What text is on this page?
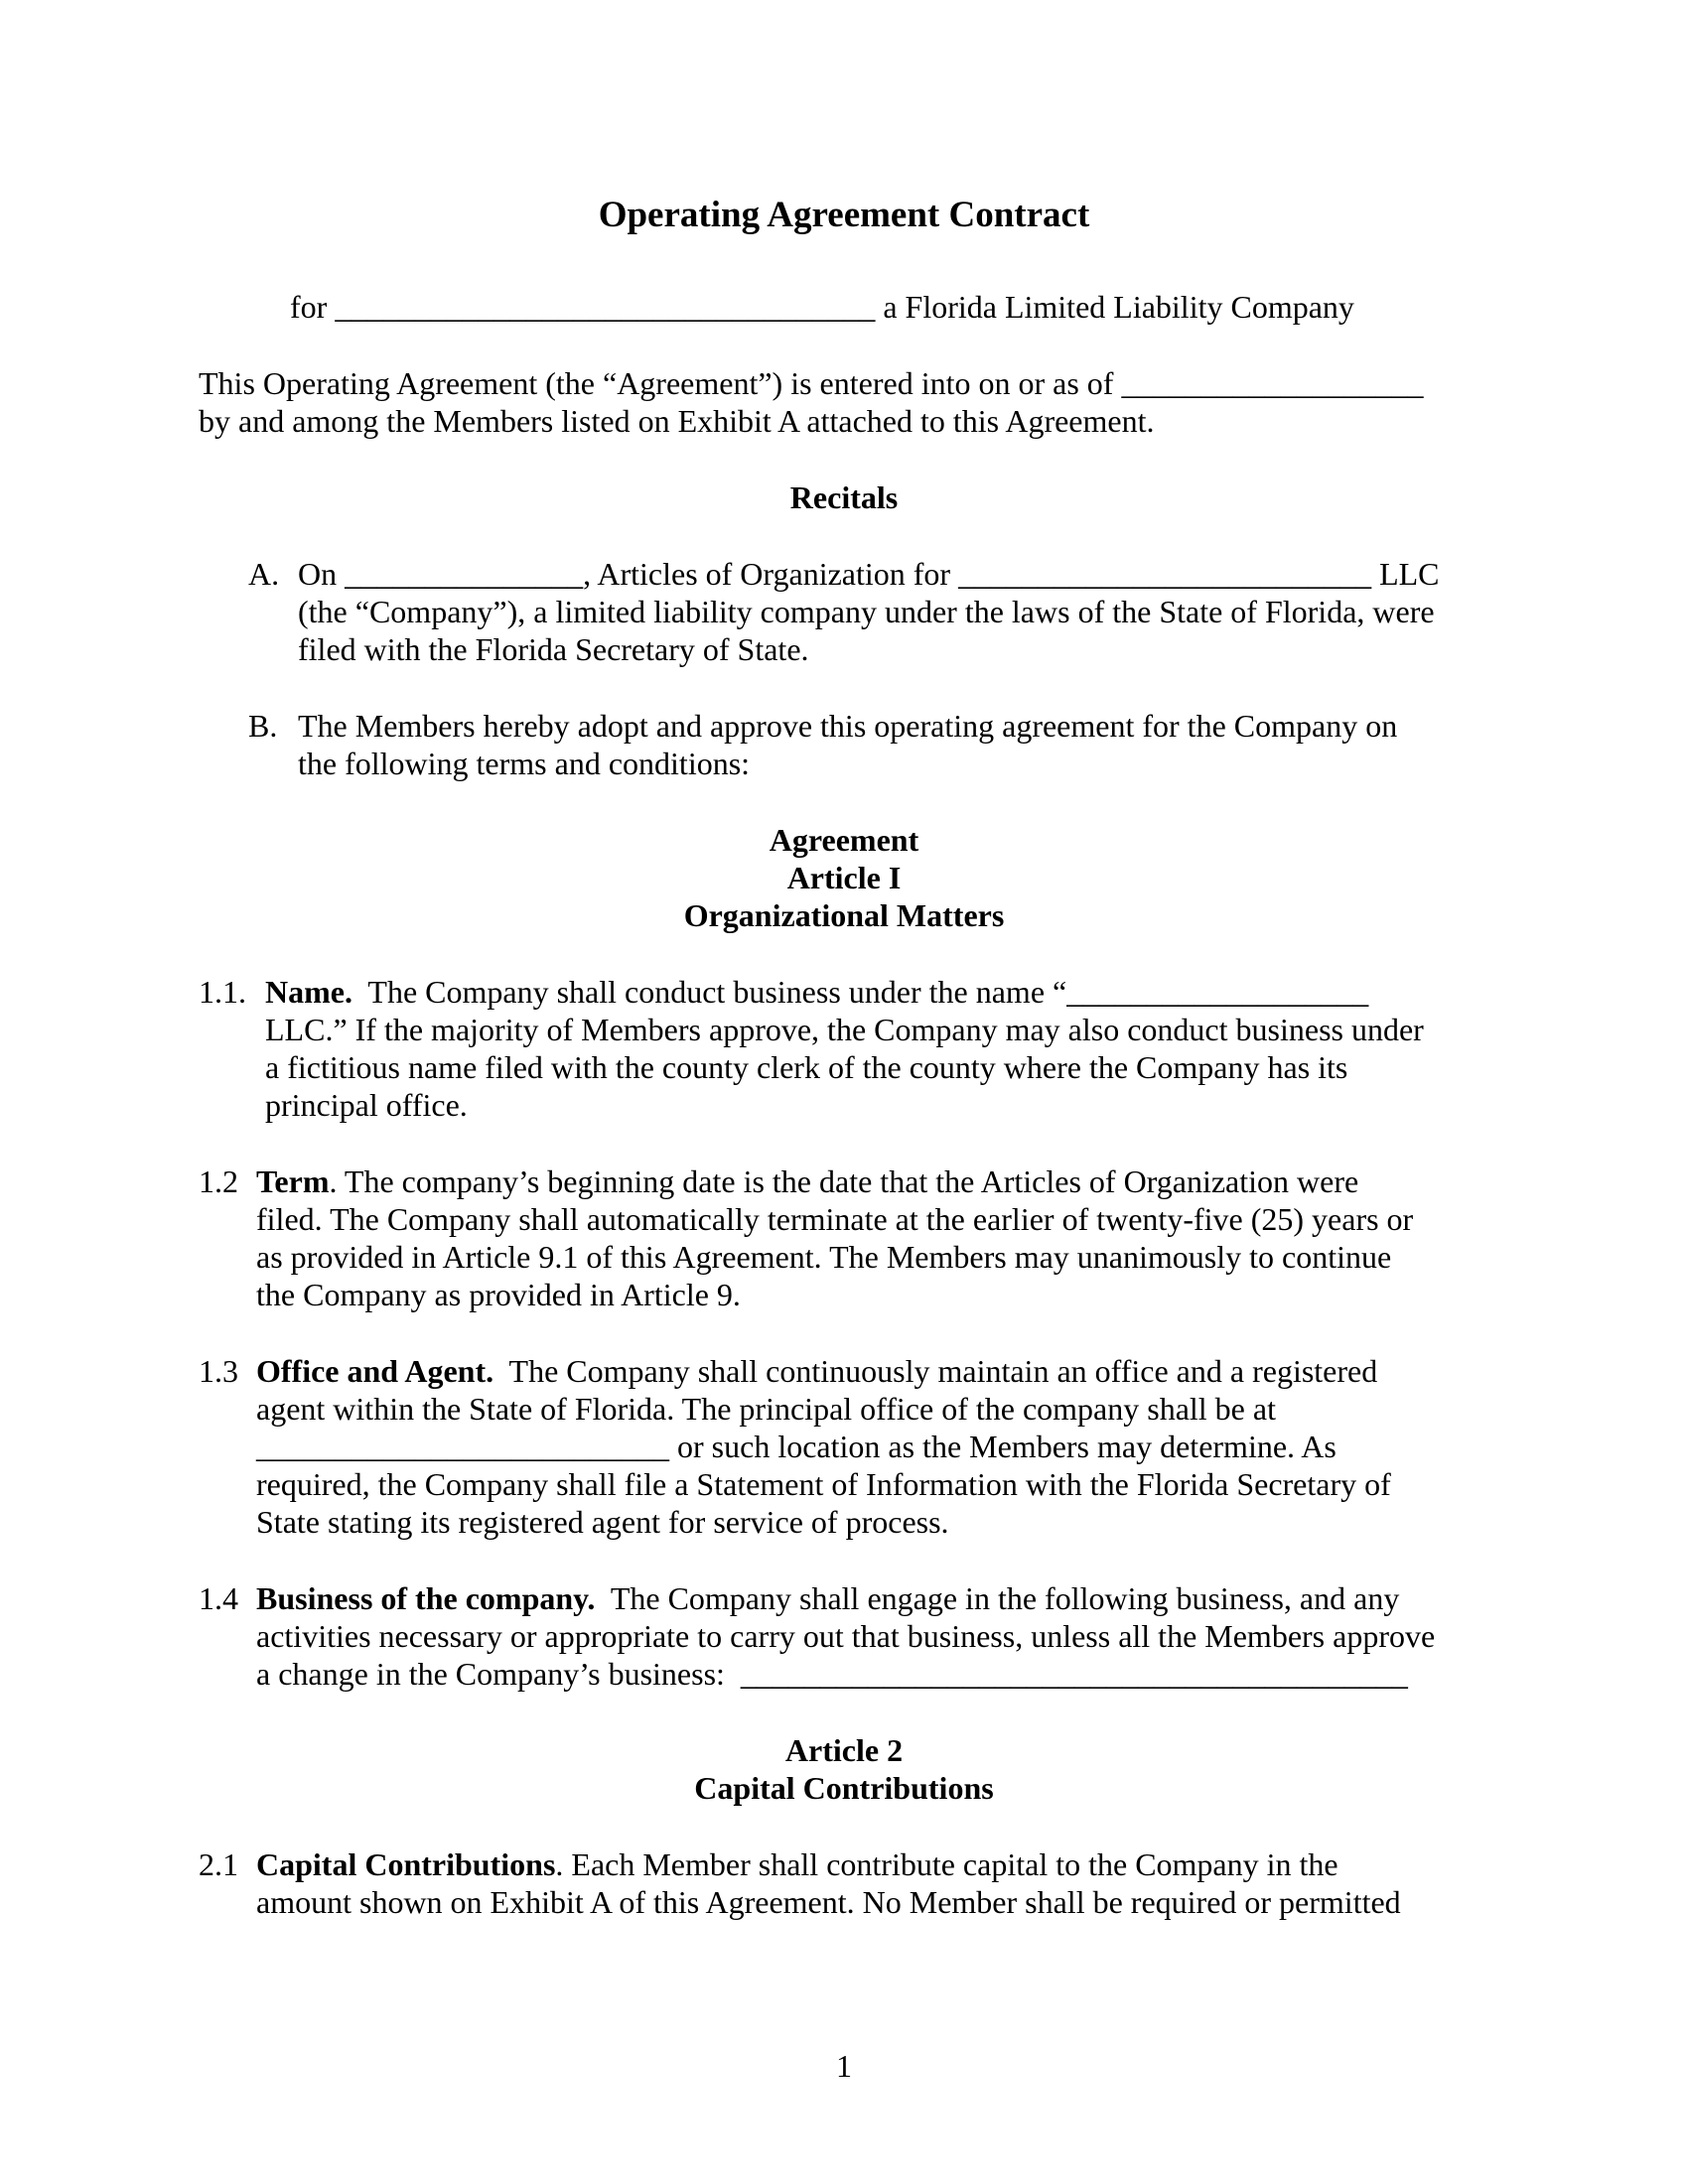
Operating Agreement Contract
for __________________________________ a Florida Limited Liability Company
This Operating Agreement (the “Agreement”) is entered into on or as of ___________________
by and among the Members listed on Exhibit A attached to this Agreement.
Recitals
A. On _______________, Articles of Organization for __________________________ LLC
(the “Company”), a limited liability company under the laws of the State of Florida, were
filed with the Florida Secretary of State.
B. The Members hereby adopt and approve this operating agreement for the Company on
the following terms and conditions:
Agreement
Article I
Organizational Matters
1.1. Name. The Company shall conduct business under the name “___________________
LLC.” If the majority of Members approve, the Company may also conduct business under
a fictitious name filed with the county clerk of the county where the Company has its
principal office.
1.2 Term. The company’s beginning date is the date that the Articles of Organization were
filed. The Company shall automatically terminate at the earlier of twenty-five (25) years or
as provided in Article 9.1 of this Agreement. The Members may unanimously to continue
the Company as provided in Article 9.
1.3 Office and Agent. The Company shall continuously maintain an office and a registered
agent within the State of Florida. The principal office of the company shall be at
__________________________ or such location as the Members may determine. As
required, the Company shall file a Statement of Information with the Florida Secretary of
State stating its registered agent for service of process.
1.4 Business of the company. The Company shall engage in the following business, and any
activities necessary or appropriate to carry out that business, unless all the Members approve
a change in the Company’s business: __________________________________________
Article 2
Capital Contributions
2.1 Capital Contributions. Each Member shall contribute capital to the Company in the
amount shown on Exhibit A of this Agreement. No Member shall be required or permitted
1
